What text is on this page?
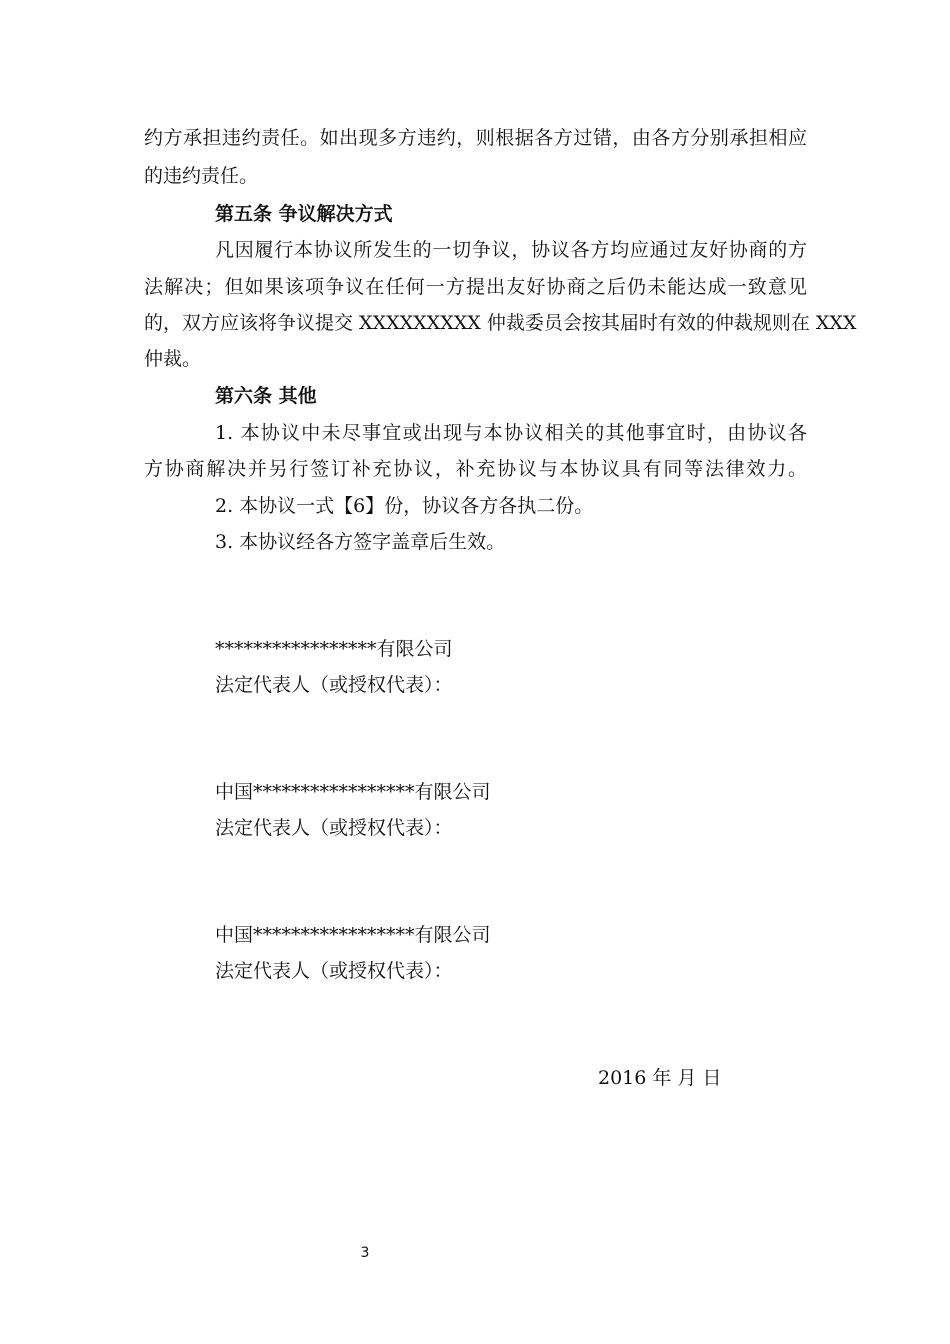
约方承担违约责任。如出现多方违约，则根据各方过错，由各方分别承担相应
的违约责任。
第五条 争议解决方式
凡因履行本协议所发生的一切争议，协议各方均应通过友好协商的方
法解决；但如果该项争议在任何一方提出友好协商之后仍未能达成一致意见
的，双方应该将争议提交 XXXXXXXXX 仲裁委员会按其届时有效的仲裁规则在 XXX
仲裁。
第六条 其他
1. 本协议中未尽事宜或出现与本协议相关的其他事宜时，由协议各
方协商解决并另行签订补充协议，补充协议与本协议具有同等法律效力。
2. 本协议一式【6】份，协议各方各执二份。
3. 本协议经各方签字盖章后生效。
*****************有限公司
法定代表人（或授权代表）：
中国*****************有限公司
法定代表人（或授权代表）：
中国*****************有限公司
法定代表人（或授权代表）：
2016 年 月 日
3
